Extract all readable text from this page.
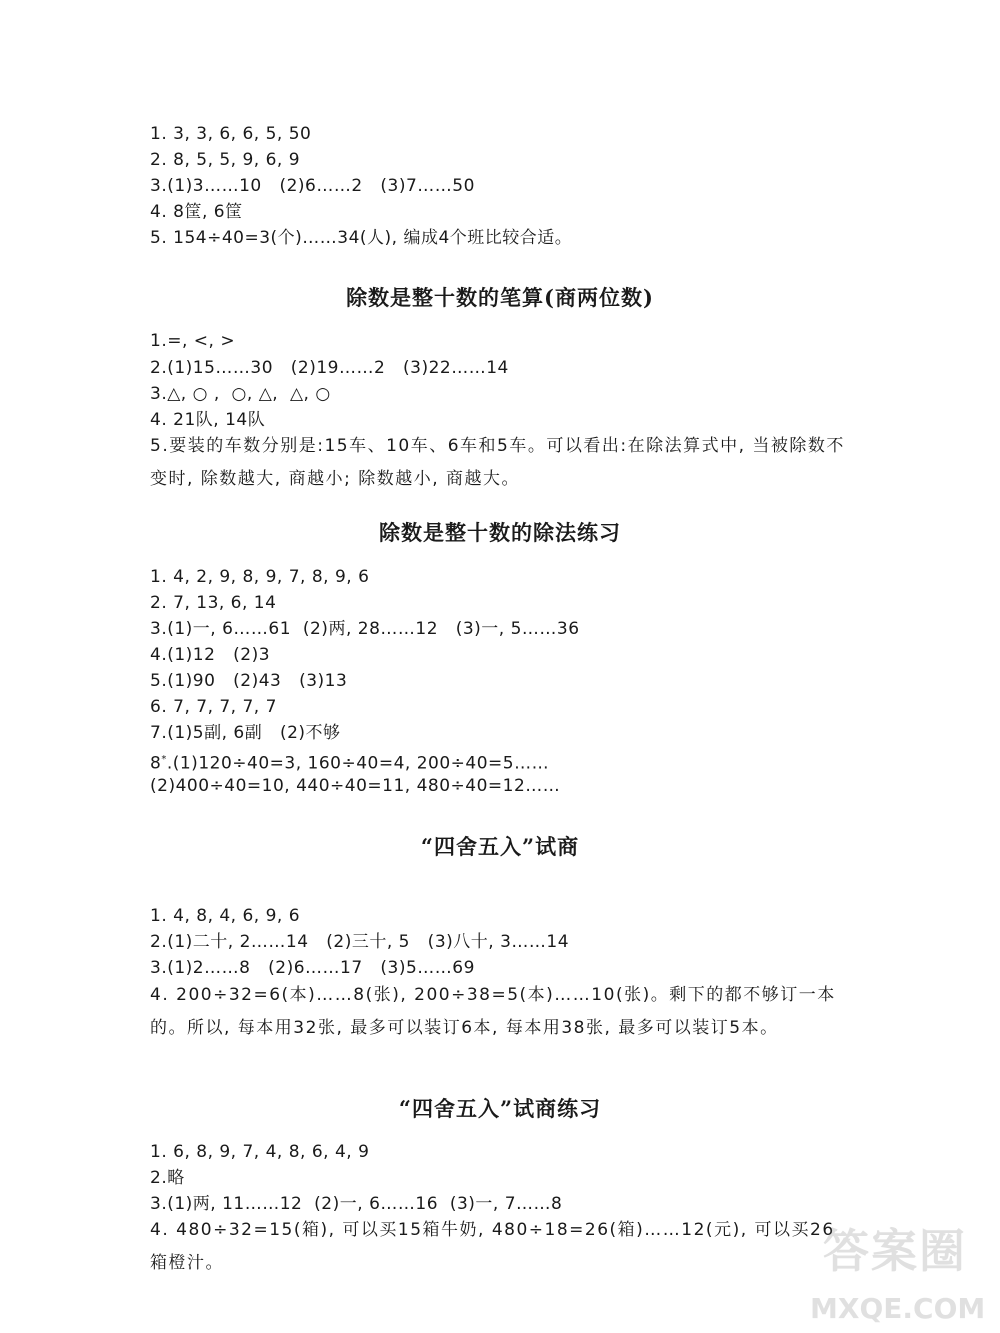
1. 3, 3, 6, 6, 5, 50
2. 8, 5, 5, 9, 6, 9
3.(1)3……10   (2)6……2   (3)7……50
4. 8筐, 6筐
5. 154÷40=3(个)……34(人), 编成4个班比较合适。
除数是整十数的笔算(商两位数)
1.=, <, >
2.(1)15……30   (2)19……2   (3)22……14
3.△, ○ ,  ○, △,  △, ○
4. 21队, 14队
5.要装的车数分别是:15车、10车、6车和5车。可以看出:在除法算式中, 当被除数不变时, 除数越大, 商越小; 除数越小, 商越大。
除数是整十数的除法练习
1. 4, 2, 9, 8, 9, 7, 8, 9, 6
2. 7, 13, 6, 14
3.(1)一, 6……61  (2)两, 28……12   (3)一, 5……36
4.(1)12   (2)3
5.(1)90   (2)43   (3)13
6. 7, 7, 7, 7, 7
7.(1)5副, 6副   (2)不够
8*.(1)120÷40=3, 160÷40=4, 200÷40=5……
(2)400÷40=10, 440÷40=11, 480÷40=12……
“四舍五入”试商
1. 4, 8, 4, 6, 9, 6
2.(1)二十, 2……14   (2)三十, 5   (3)八十, 3……14
3.(1)2……8   (2)6……17   (3)5……69
4. 200÷32=6(本)……8(张), 200÷38=5(本)……10(张)。剩下的都不够订一本的。所以, 每本用32张, 最多可以装订6本, 每本用38张, 最多可以装订5本。
“四舍五入”试商练习
1. 6, 8, 9, 7, 4, 8, 6, 4, 9
2.略
3.(1)两, 11……12  (2)一, 6……16  (3)一, 7……8
4. 480÷32=15(箱), 可以买15箱牛奶, 480÷18=26(箱)……12(元), 可以买26箱橙汁。	答案圈
MXQE.COM
